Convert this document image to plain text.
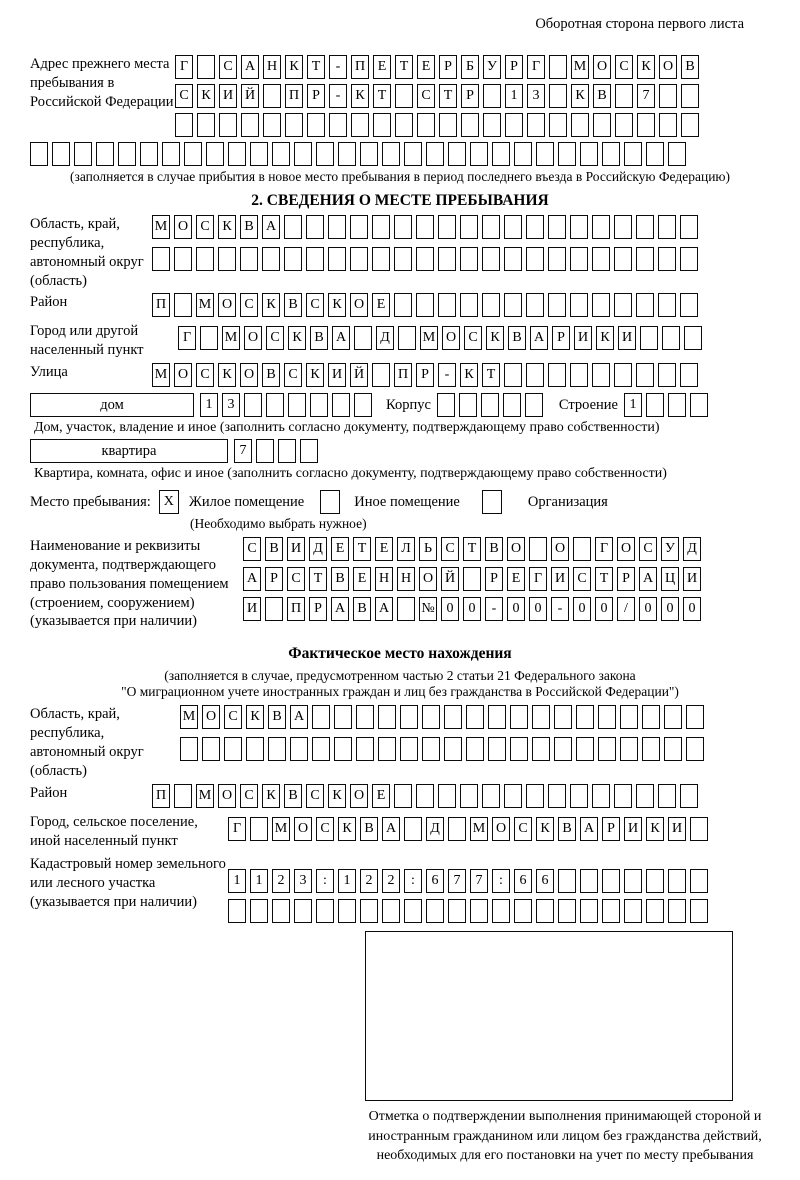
Оборотная сторона первого листа
Адрес прежнего места пребывания в Российской Федерации
Г	С А Н К Т	-	П Е Т Е Р	Б У Р	Г	М О С К О В
С К И Й П Р	-	К Т	С Т Р	1	3	К В	7
(заполняется в случае прибытия в новое место пребывания в период последнего въезда в Российскую Федерацию)
2. СВЕДЕНИЯ О МЕСТЕ ПРЕБЫВАНИЯ
Область, край, республика, автономный округ (область)
М О С К В А
Район	П М О С К В С К О Е
Город или другой населенный пункт
Г	М О С К В А	Д	М О С К В А Р И К И
Улица	М О С К О В С К И Й П Р	-	К Т
дом	1	3	Корпус	Строение 1
Дом, участок, владение и иное (заполнить согласно документу, подтверждающему право собственности)
квартира	7
Квартира, комната, офис и иное (заполнить согласно документу, подтверждающему право собственности)
Место пребывания: X	Жилое помещение	Иное помещение	Организация
(Необходимо выбрать нужное)
Наименование и реквизиты документа, подтверждающего право пользования помещением (строением, сооружением) (указывается при наличии)
С В И Д Е Т Е Л Ь С Т В О О	Г О С У Д
А Р С Т В Е Н Н О Й	Р Е Г И С Т Р А Ц И
И П Р А В А № 0	0	-	0	0	-	0	0	/	0	0	0
Фактическое место нахождения
(заполняется в случае, предусмотренном частью 2 статьи 21 Федерального закона
"О миграционном учете иностранных граждан и лиц без гражданства в Российской Федерации")
Область, край, республика, автономный округ (область)
М О С К В А
Район	П М О С К В С К О Е
Город, сельское поселение, иной населенный пункт
Г	М О С К В А	Д	М О С К В А Р И К И
Кадастровый номер земельного или лесного участка (указывается при наличии)
1	1	2	3	:	1	2	2	:	6	7	7	:	6	6
Отметка о подтверждении выполнения принимающей стороной и иностранным гражданином или лицом без гражданства действий, необходимых для его постановки на учет по месту пребывания
